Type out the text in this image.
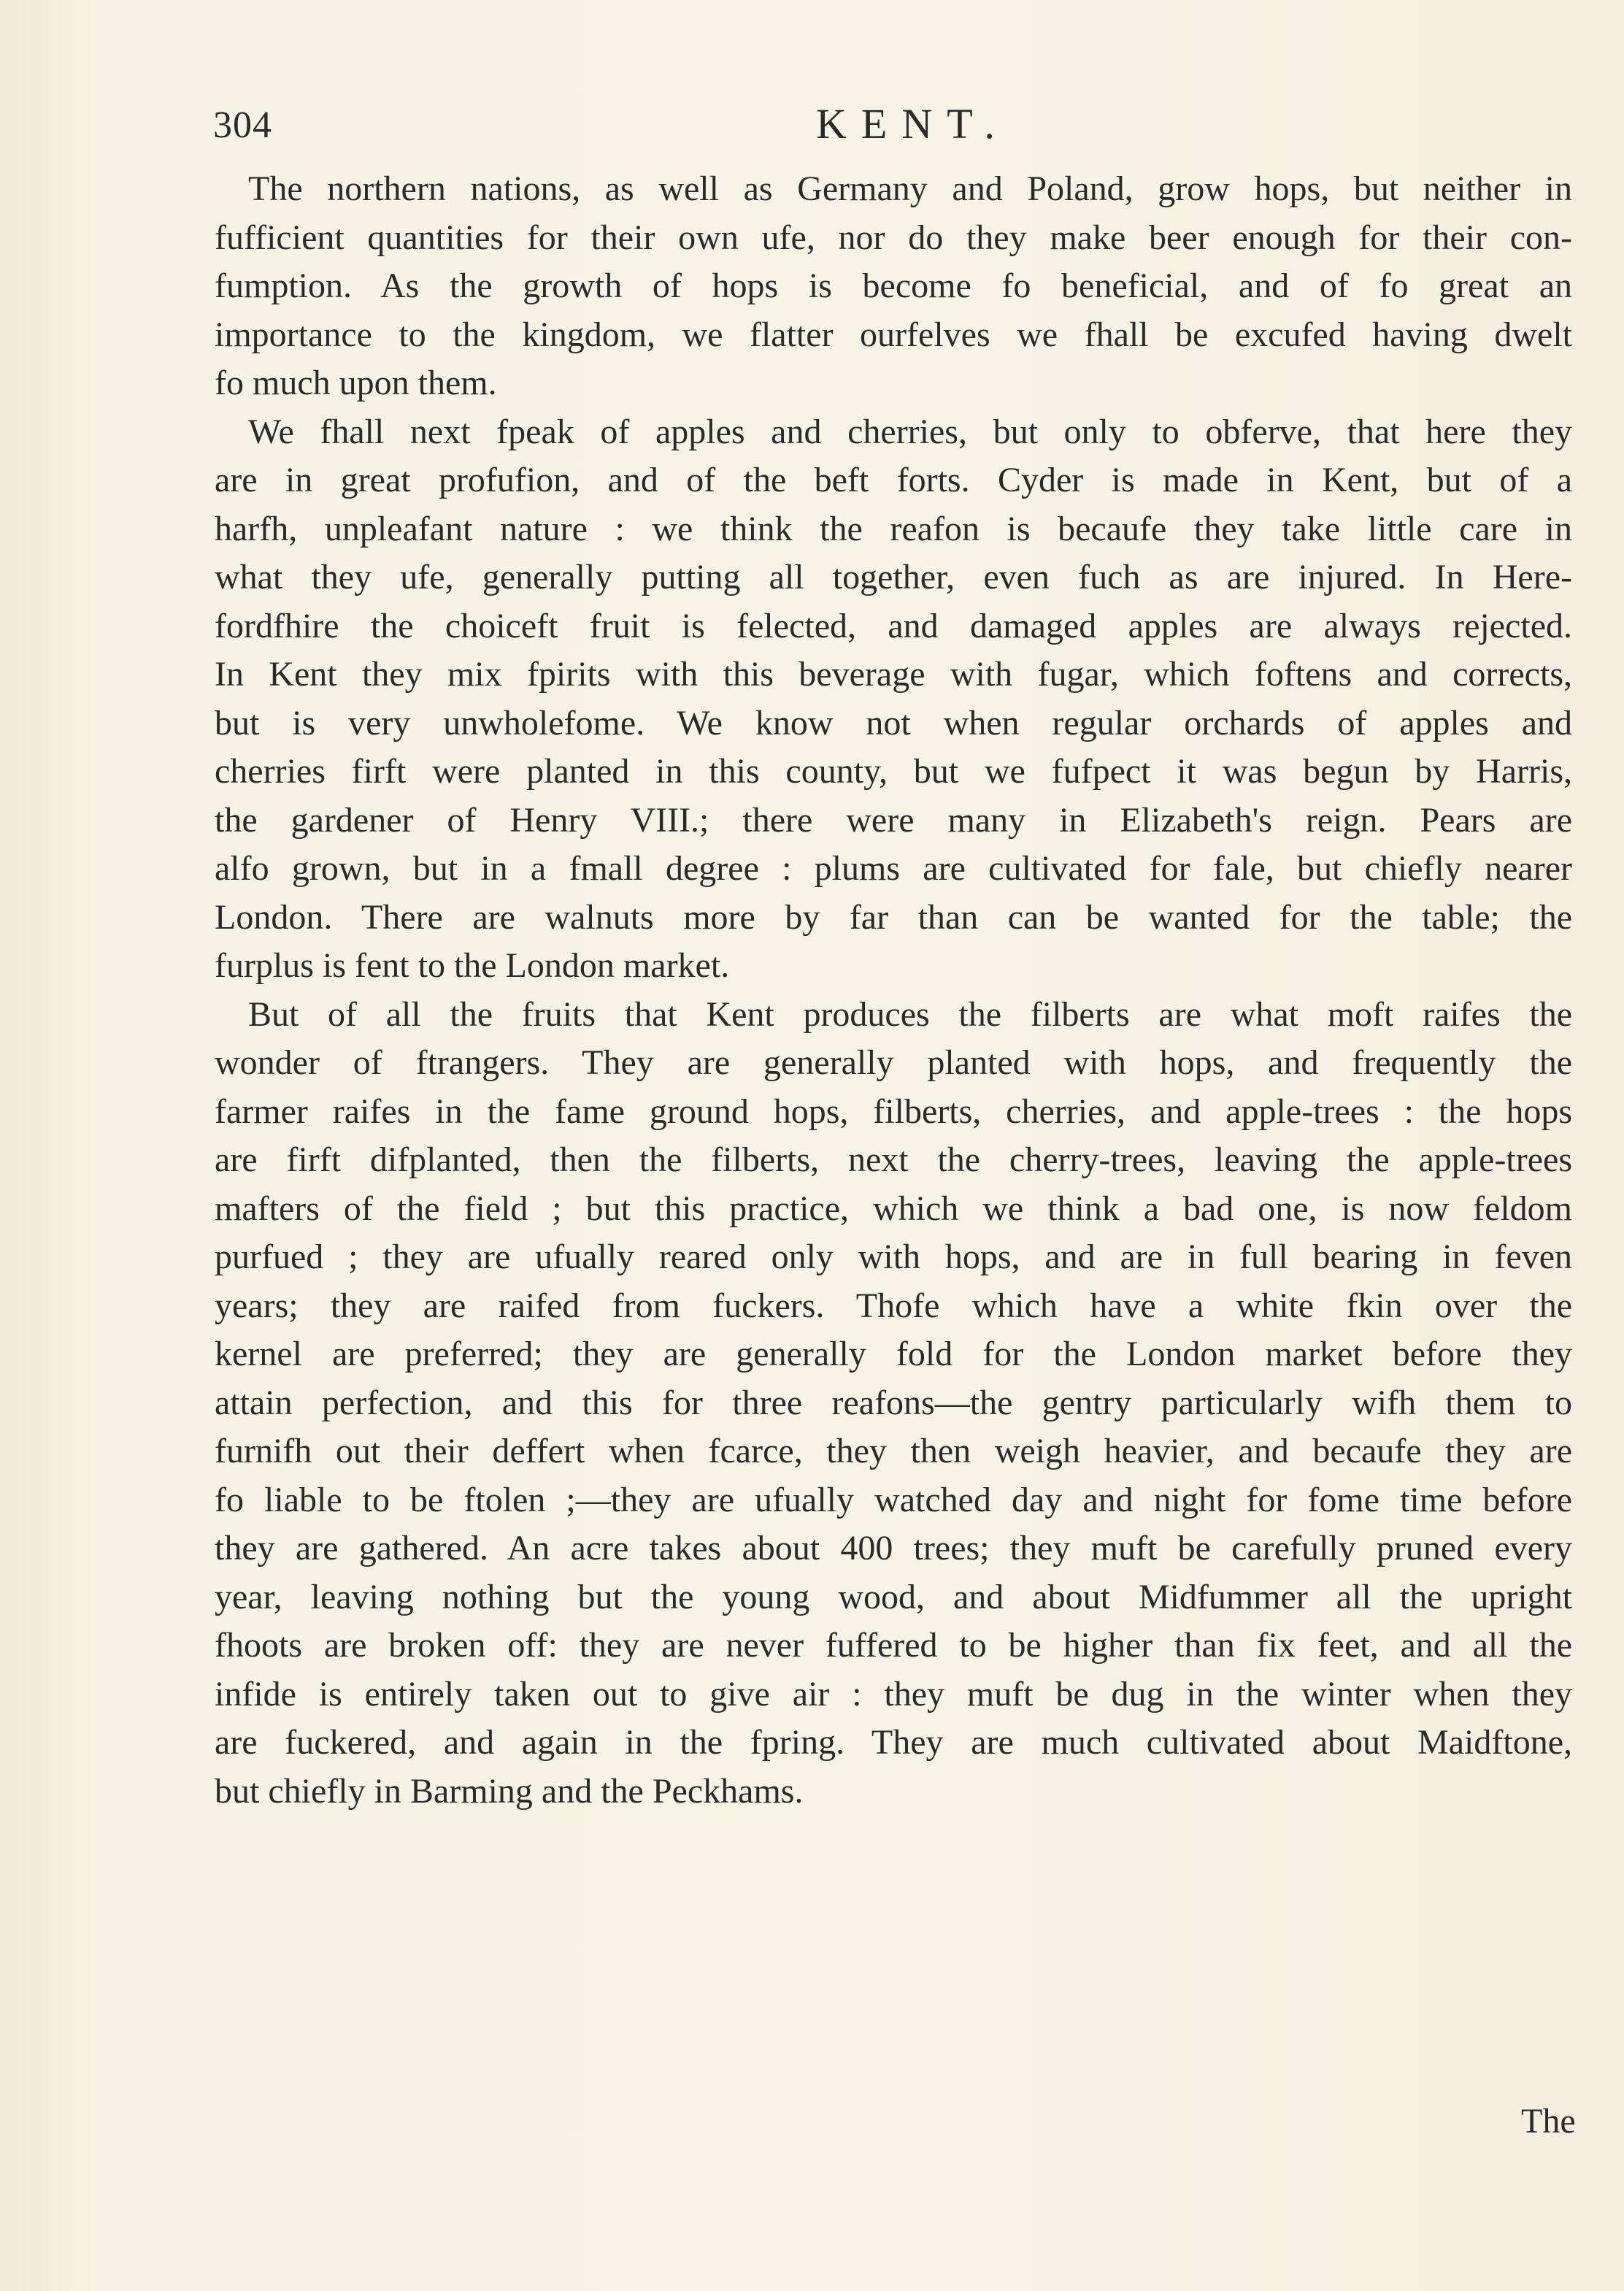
304	KENT.
The northern nations, as well as Germany and Poland, grow hops, but neither in
fufficient quantities for their own ufe, nor do they make beer enough for their con-
fumption. As the growth of hops is become fo beneficial, and of fo great an
importance to the kingdom, we flatter ourfelves we fhall be excufed having dwelt
fo much upon them.
We fhall next fpeak of apples and cherries, but only to obferve, that here they
are in great profufion, and of the beft forts. Cyder is made in Kent, but of a
harfh, unpleafant nature : we think the reafon is becaufe they take little care in
what they ufe, generally putting all together, even fuch as are injured. In Here-
fordfhire the choiceft fruit is felected, and damaged apples are always rejected.
In Kent they mix fpirits with this beverage with fugar, which foftens and corrects,
but is very unwholefome. We know not when regular orchards of apples and
cherries firft were planted in this county, but we fufpect it was begun by Harris,
the gardener of Henry VIII.; there were many in Elizabeth's reign. Pears are
alfo grown, but in a fmall degree : plums are cultivated for fale, but chiefly nearer
London. There are walnuts more by far than can be wanted for the table; the
furplus is fent to the London market.
But of all the fruits that Kent produces the filberts are what moft raifes the
wonder of ftrangers. They are generally planted with hops, and frequently the
farmer raifes in the fame ground hops, filberts, cherries, and apple-trees : the hops
are firft difplanted, then the filberts, next the cherry-trees, leaving the apple-trees
mafters of the field ; but this practice, which we think a bad one, is now feldom
purfued ; they are ufually reared only with hops, and are in full bearing in feven
years; they are raifed from fuckers. Thofe which have a white fkin over the
kernel are preferred; they are generally fold for the London market before they
attain perfection, and this for three reafons—the gentry particularly wifh them to
furnifh out their deffert when fcarce, they then weigh heavier, and becaufe they are
fo liable to be ftolen ;—they are ufually watched day and night for fome time before
they are gathered. An acre takes about 400 trees; they muft be carefully pruned every
year, leaving nothing but the young wood, and about Midfummer all the upright
fhoots are broken off: they are never fuffered to be higher than fix feet, and all the
infide is entirely taken out to give air : they muft be dug in the winter when they
are fuckered, and again in the fpring. They are much cultivated about Maidftone,
but chiefly in Barming and the Peckhams.
The
